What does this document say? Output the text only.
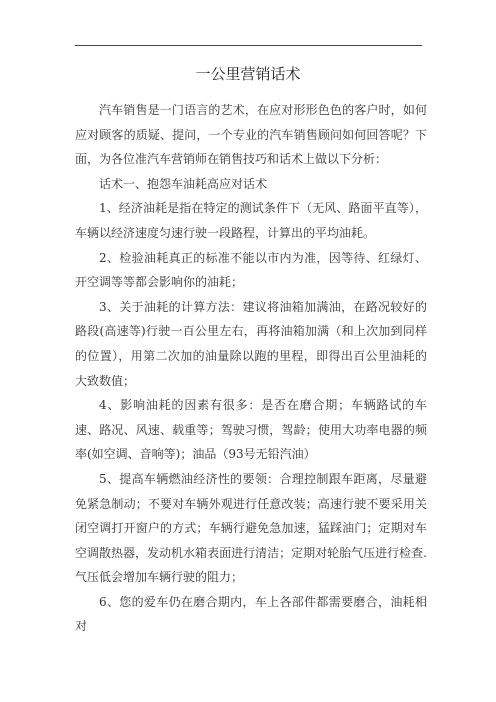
一公里营销话术

汽车销售是一门语言的艺术，在应对形形色色的客户时，如何应对顾客的质疑、提问，一个专业的汽车销售顾问如何回答呢？下面，为各位准汽车营销师在销售技巧和话术上做以下分析：

话术一、抱怨车油耗高应对话术

1、经济油耗是指在特定的测试条件下（无风、路面平直等），车辆以经济速度匀速行驶一段路程，计算出的平均油耗。

2、检验油耗真正的标准不能以市内为准，因等待、红绿灯、开空调等等都会影响你的油耗；

3、关于油耗的计算方法：建议将油箱加满油，在路况较好的路段(高速等)行驶一百公里左右，再将油箱加满（和上次加到同样的位置），用第二次加的油量除以跑的里程，即得出百公里油耗的大致数值；

4、影响油耗的因素有很多：是否在磨合期；车辆路试的车速、路况、风速、载重等；驾驶习惯，驾龄；使用大功率电器的频率(如空调、音响等)；油品（93号无铅汽油）

5、提高车辆燃油经济性的要领：合理控制跟车距离，尽量避免紧急制动；不要对车辆外观进行任意改装；高速行驶不要采用关闭空调打开窗户的方式；车辆行避免急加速，猛踩油门；定期对车空调散热器，发动机水箱表面进行清洁；定期对轮胎气压进行检查.气压低会增加车辆行驶的阻力；

6、您的爱车仍在磨合期内，车上各部件都需要磨合，油耗相对
